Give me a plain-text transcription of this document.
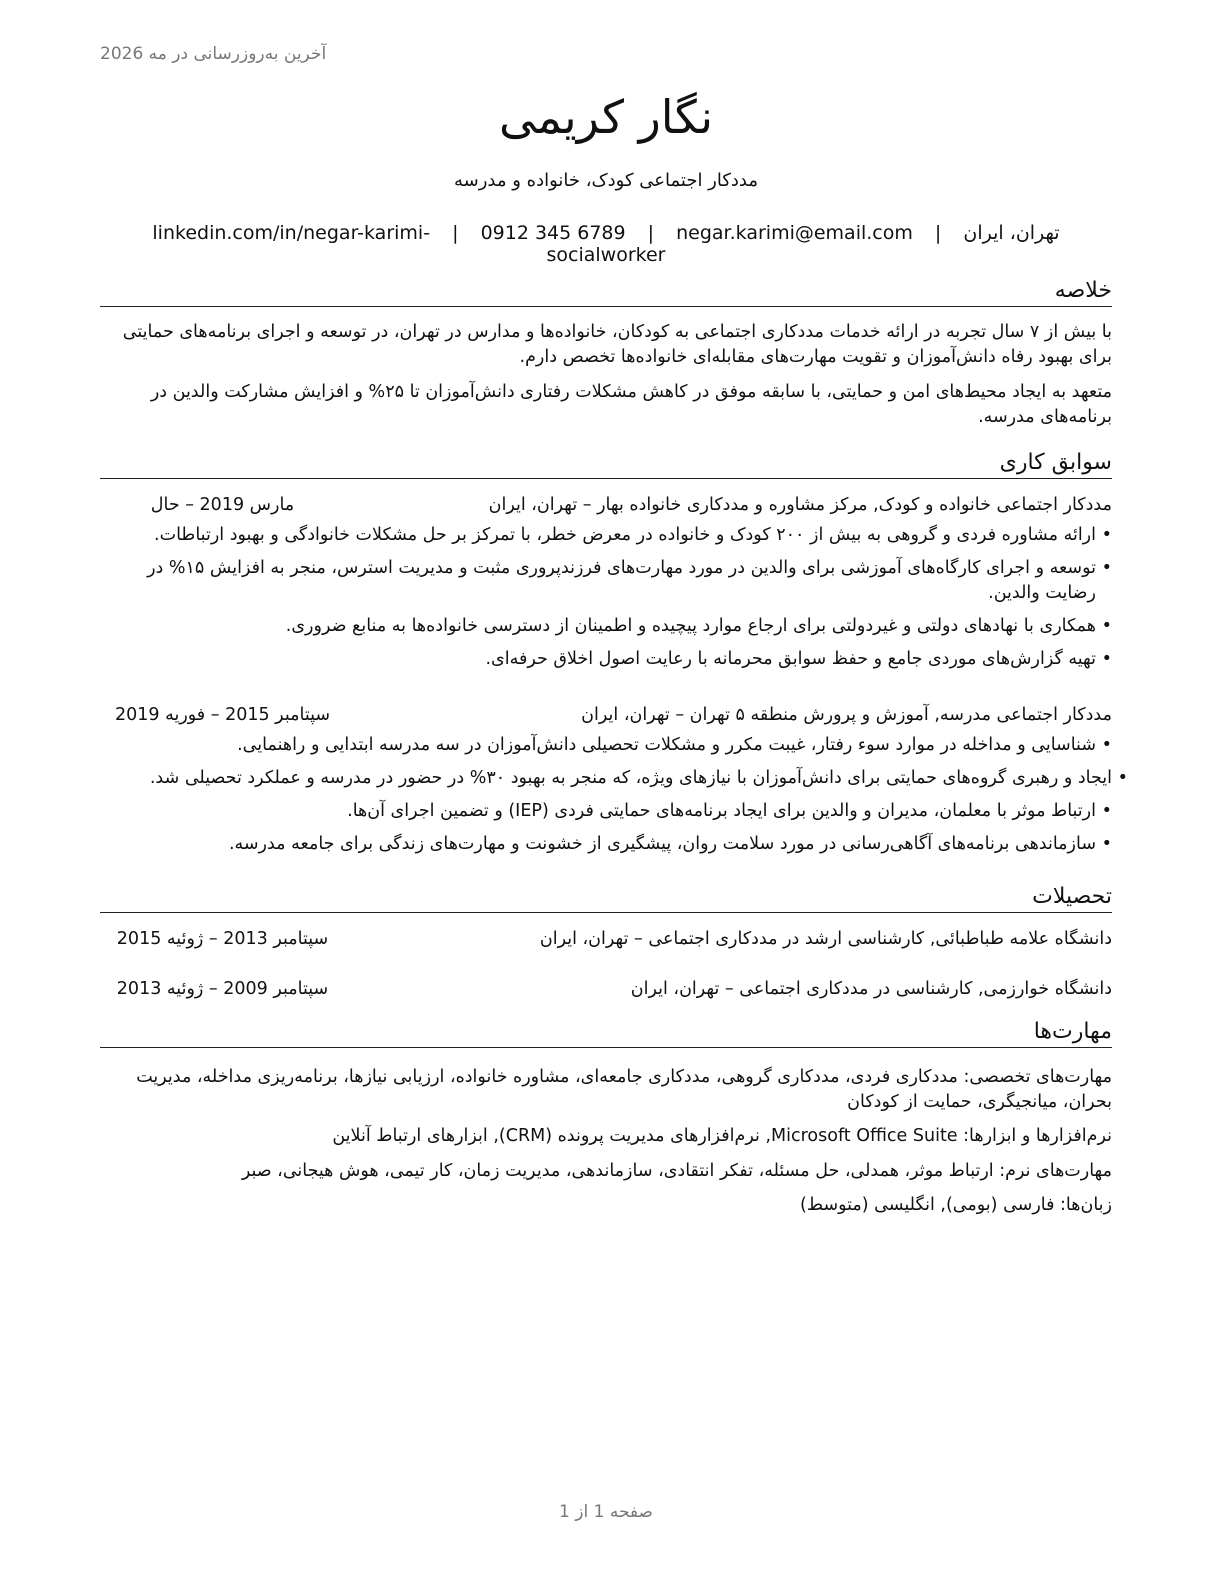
آخرین به‌روزرسانی در مه 2026
نگار کریمی
مددکار اجتماعی کودک، خانواده و مدرسه
تهران، ایران | negar.karimi@email.com | 0912 345 6789 | linkedin.com/in/negar-karimi-socialworker
خلاصه
با بیش از ۷ سال تجربه در ارائه خدمات مددکاری اجتماعی به کودکان، خانواده‌ها و مدارس در تهران، در توسعه و اجرای برنامه‌های حمایتی برای بهبود رفاه دانش‌آموزان و تقویت مهارت‌های مقابله‌ای خانواده‌ها تخصص دارم.
متعهد به ایجاد محیط‌های امن و حمایتی، با سابقه موفق در کاهش مشکلات رفتاری دانش‌آموزان تا ۲۵% و افزایش مشارکت والدین در برنامه‌های مدرسه.
سوابق کاری
مددکار اجتماعی خانواده و کودک, مرکز مشاوره و مددکاری خانواده بهار – تهران، ایران
مارس 2019 – حال
• ارائه مشاوره فردی و گروهی به بیش از ۲۰۰ کودک و خانواده در معرض خطر، با تمرکز بر حل مشکلات خانوادگی و بهبود ارتباطات.
• توسعه و اجرای کارگاه‌های آموزشی برای والدین در مورد مهارت‌های فرزندپروری مثبت و مدیریت استرس، منجر به افزایش ۱۵% در رضایت والدین.
• همکاری با نهادهای دولتی و غیردولتی برای ارجاع موارد پیچیده و اطمینان از دسترسی خانواده‌ها به منابع ضروری.
• تهیه گزارش‌های موردی جامع و حفظ سوابق محرمانه با رعایت اصول اخلاق حرفه‌ای.
مددکار اجتماعی مدرسه, آموزش و پرورش منطقه ۵ تهران – تهران، ایران
سپتامبر 2015 – فوریه 2019
• شناسایی و مداخله در موارد سوء رفتار، غیبت مکرر و مشکلات تحصیلی دانش‌آموزان در سه مدرسه ابتدایی و راهنمایی.
• ایجاد و رهبری گروه‌های حمایتی برای دانش‌آموزان با نیازهای ویژه، که منجر به بهبود ۳۰% در حضور در مدرسه و عملکرد تحصیلی شد.
• ارتباط موثر با معلمان، مدیران و والدین برای ایجاد برنامه‌های حمایتی فردی (IEP) و تضمین اجرای آن‌ها.
• سازماندهی برنامه‌های آگاهی‌رسانی در مورد سلامت روان، پیشگیری از خشونت و مهارت‌های زندگی برای جامعه مدرسه.
تحصیلات
دانشگاه علامه طباطبائی, کارشناسی ارشد در مددکاری اجتماعی – تهران، ایران
سپتامبر 2013 – ژوئیه 2015
دانشگاه خوارزمی, کارشناسی در مددکاری اجتماعی – تهران، ایران
سپتامبر 2009 – ژوئیه 2013
مهارت‌ها
مهارت‌های تخصصی: مددکاری فردی، مددکاری گروهی، مددکاری جامعه‌ای، مشاوره خانواده، ارزیابی نیازها، برنامه‌ریزی مداخله، مدیریت بحران، میانجیگری، حمایت از کودکان
نرم‌افزارها و ابزارها: Microsoft Office Suite, نرم‌افزارهای مدیریت پرونده (CRM), ابزارهای ارتباط آنلاین
مهارت‌های نرم: ارتباط موثر، همدلی، حل مسئله، تفکر انتقادی، سازماندهی، مدیریت زمان، کار تیمی، هوش هیجانی، صبر
زبان‌ها: فارسی (بومی), انگلیسی (متوسط)
صفحه 1 از 1
